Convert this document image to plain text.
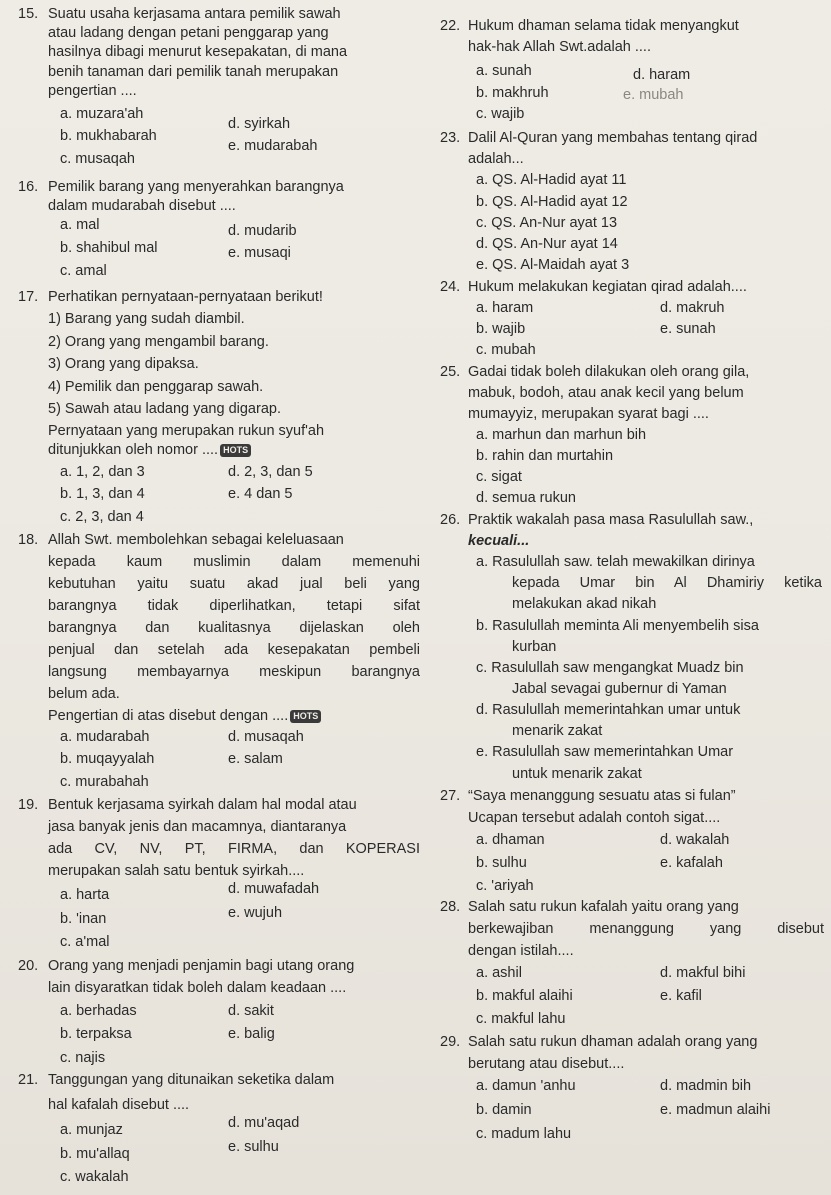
15. Suatu usaha kerjasama antara pemilik sawah
atau ladang dengan petani penggarap yang
hasilnya dibagi menurut kesepakatan, di mana
benih tanaman dari pemilik tanah merupakan
pengertian ....
a. muzara'ah
d. syirkah
b. mukhabarah
e. mudarabah
c. musaqah
16. Pemilik barang yang menyerahkan barangnya
dalam mudarabah disebut ....
a. mal	d. mudarib
b. shahibul mal	e. musaqi
c. amal
17. Perhatikan pernyataan-pernyataan berikut!
1) Barang yang sudah diambil.
2) Orang yang mengambil barang.
3) Orang yang dipaksa.
4) Pemilik dan penggarap sawah.
5) Sawah atau ladang yang digarap.
Pernyataan yang merupakan rukun syuf'ah
ditunjukkan oleh nomor .... HOTS
a. 1, 2, dan 3	d. 2, 3, dan 5
b. 1, 3, dan 4	e. 4 dan 5
c. 2, 3, dan 4
18. Allah Swt. membolehkan sebagai keleluasaan
kepada kaum muslimin dalam memenuhi
kebutuhan yaitu suatu akad jual beli yang
barangnya tidak diperlihatkan, tetapi sifat
barangnya dan kualitasnya dijelaskan oleh
penjual dan setelah ada kesepakatan pembeli
langsung membayarnya meskipun barangnya
belum ada.
Pengertian di atas disebut dengan .... HOTS
a. mudarabah	d. musaqah
b. muqayyalah	e. salam
c. murabahah
19. Bentuk kerjasama syirkah dalam hal modal atau
jasa banyak jenis dan macamnya, diantaranya
ada CV, NV, PT, FIRMA, dan KOPERASI
merupakan salah satu bentuk syirkah....
a. harta	d. muwafadah
b. 'inan	e. wujuh
c. a'mal
20. Orang yang menjadi penjamin bagi utang orang
lain disyaratkan tidak boleh dalam keadaan ....
a. berhadas	d. sakit
b. terpaksa	e. balig
c. najis
21. Tanggungan yang ditunaikan seketika dalam
hal kafalah disebut ....
a. munjaz	d. mu'aqad
b. mu'allaq	e. sulhu
c. wakalah
22. Hukum dhaman selama tidak menyangkut
hak-hak Allah Swt.adalah ....
a. sunah	d. haram
b. makhruh	e. mubah
c. wajib
23. Dalil Al-Quran yang membahas tentang qirad
adalah...
a. QS. Al-Hadid ayat 11
b. QS. Al-Hadid ayat 12
c. QS. An-Nur ayat 13
d. QS. An-Nur ayat 14
e. QS. Al-Maidah ayat 3
24. Hukum melakukan kegiatan qirad adalah....
a. haram	d. makruh
b. wajib	e. sunah
c. mubah
25. Gadai tidak boleh dilakukan oleh orang gila,
mabuk, bodoh, atau anak kecil yang belum
mumayyiz, merupakan syarat bagi ....
a. marhun dan marhun bih
b. rahin dan murtahin
c. sigat
d. semua rukun
26. Praktik wakalah pasa masa Rasulullah saw.,
kecuali...
a. Rasulullah saw. telah mewakilkan dirinya
kepada Umar bin Al Dhamiriy ketika
melakukan akad nikah
b. Rasulullah meminta Ali menyembelih sisa
kurban
c. Rasulullah saw mengangkat Muadz bin
Jabal sevagai gubernur di Yaman
d. Rasulullah memerintahkan umar untuk
menarik zakat
e. Rasulullah saw memerintahkan Umar
untuk menarik zakat
27. “Saya menanggung sesuatu atas si fulan”
Ucapan tersebut adalah contoh sigat....
a. dhaman	d. wakalah
b. sulhu	e. kafalah
c. 'ariyah
28. Salah satu rukun kafalah yaitu orang yang
berkewajiban menanggung yang disebut
dengan istilah....
a. ashil	d. makful bihi
b. makful alaihi	e. kafil
c. makful lahu
29. Salah satu rukun dhaman adalah orang yang
berutang atau disebut....
a. damun 'anhu	d. madmin bih
b. damin	e. madmun alaihi
c. madum lahu
